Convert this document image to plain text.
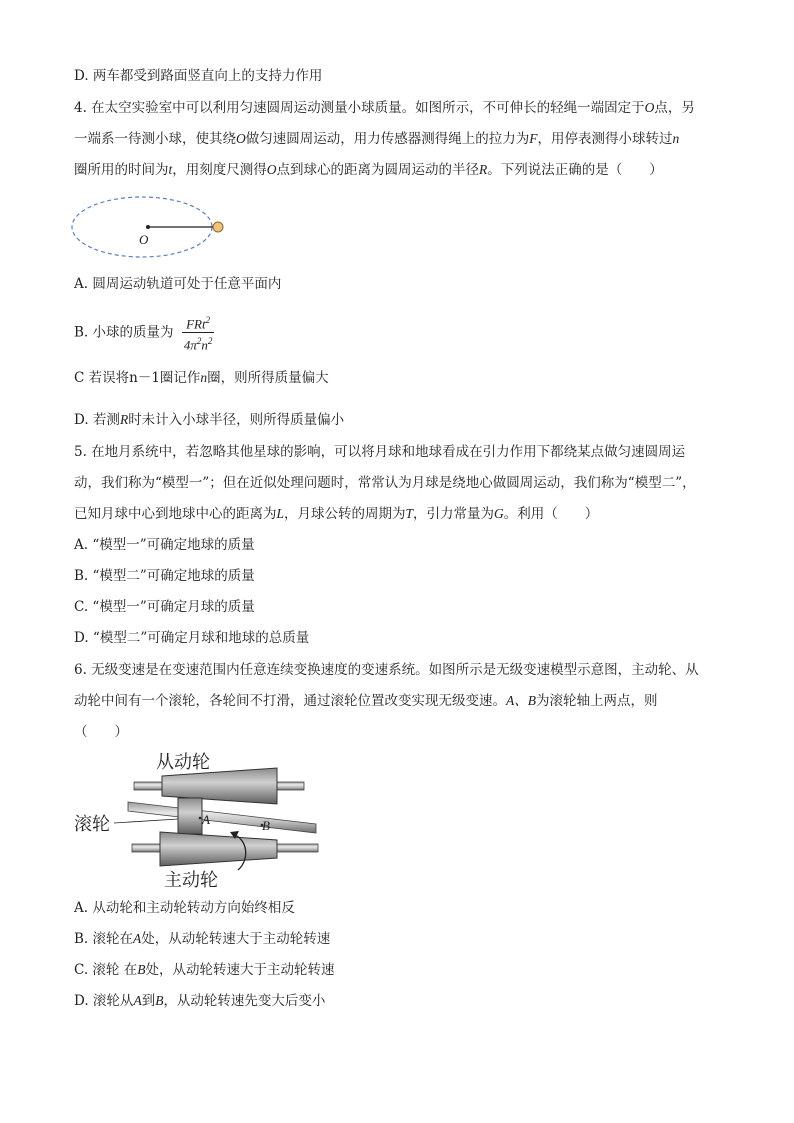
D. 两车都受到路面竖直向上的支持力作用
4. 在太空实验室中可以利用匀速圆周运动测量小球质量。如图所示，不可伸长的轻绳一端固定于O点，另
一端系一待测小球，使其绕O做匀速圆周运动，用力传感器测得绳上的拉力为F，用停表测得小球转过n
圈所用的时间为t，用刻度尺测得O点到球心的距离为圆周运动的半径R。下列说法正确的是（　　）
O
A. 圆周运动轨道可处于任意平面内
B. 小球的质量为 $\frac{FRt^2}{4\pi^2n^2}$
C 若误将n－1圈记作n圈，则所得质量偏大
D. 若测R时未计入小球半径，则所得质量偏小
5. 在地月系统中，若忽略其他星球的影响，可以将月球和地球看成在引力作用下都绕某点做匀速圆周运
动，我们称为“模型一”；但在近似处理问题时，常常认为月球是绕地心做圆周运动，我们称为“模型二”，
已知月球中心到地球中心的距离为L，月球公转的周期为T，引力常量为G。利用（　　）
A. “模型一”可确定地球的质量
B. “模型二”可确定地球的质量
C. “模型一”可确定月球的质量
D. “模型二”可确定月球和地球的总质量
6. 无级变速是在变速范围内任意连续变换速度的变速系统。如图所示是无级变速模型示意图，主动轮、从
动轮中间有一个滚轮，各轮间不打滑，通过滚轮位置改变实现无级变速。A、B为滚轮轴上两点，则
（　　）
从动轮
A	B
滚轮
主动轮
A. 从动轮和主动轮转动方向始终相反
B. 滚轮在A处，从动轮转速大于主动轮转速
C. 滚轮 在B处，从动轮转速大于主动轮转速
D. 滚轮从A到B，从动轮转速先变大后变小
